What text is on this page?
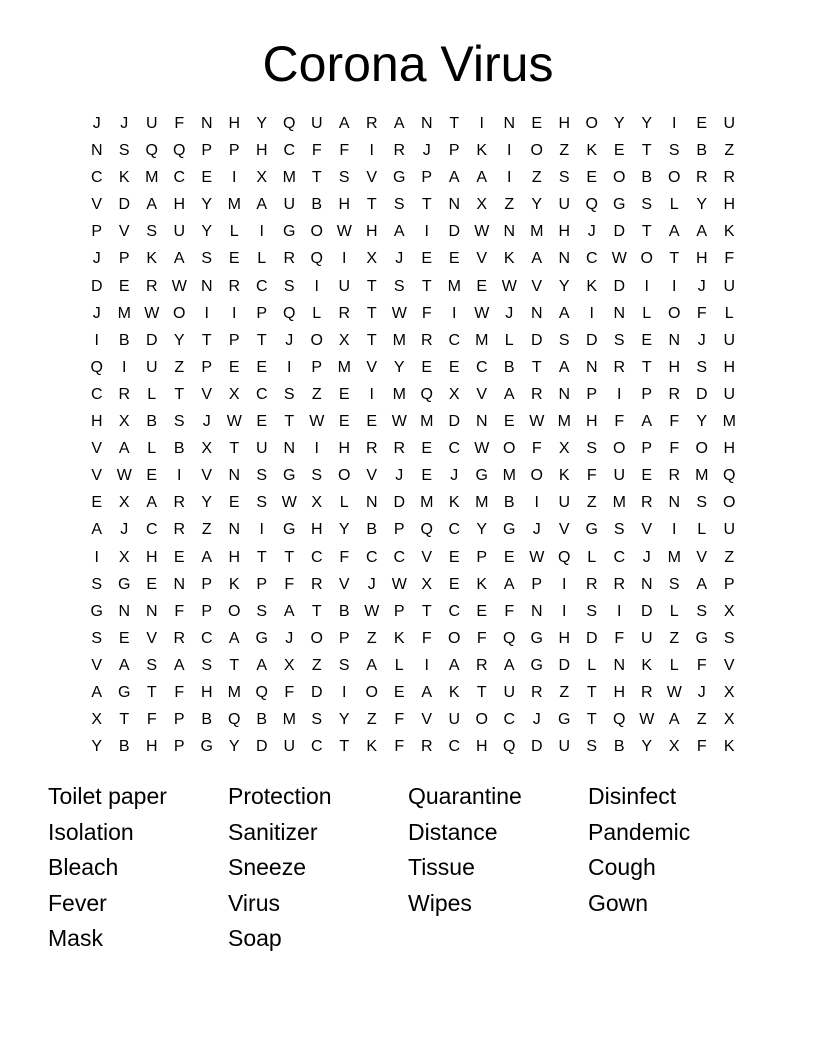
Corona Virus
J	J	U	F	N H	Y Q U	A	R	A	N	T	I	N	E	H O Y	Y	I	E	U
N	S Q Q P	P	H C	F	F	I	R	J	P	K	I	O	Z	K	E	T	S	B	Z
C	K M C	E	I	X M T	S	V G P	A	A	I	Z	S	E O B O R R
V	D	A	H	Y M A	U	B	H	T	S	T	N	X	Z	Y	U Q G S	L	Y	H
P	V	S	U	Y	L	I	G O W H	A	I	D W N M H	J	D	T	A	A	K
J	P	K	A	S	E	L	R Q	I	X	J	E	E	V	K	A	N C W O	T	H	F
D	E	R W N R C	S	I	U	T	S	T M E W V	Y	K	D	I	I	J	U
J	M W O	I	I	P Q	L	R	T W F	I	W J	N	A	I	N	L	O	F	L
I	B	D	Y	T	P	T	J	O X	T M R C M	L	D	S	D	S	E	N	J	U
Q	I	U	Z	P	E	E	I	P M V	Y	E	E	C	B	T	A	N R	T	H	S	H
C R	L	T	V	X	C	S	Z	E	I	M Q X	V	A	R N	P	I	P	R D U
H	X	B	S	J W E	T W E	E W M D N	E W M H	F	A	F	Y M
V	A	L	B	X	T	U N	I	H R R	E	C W O	F	X	S O P	F	O H
V W E	I	V	N	S G S O V	J	E	J	G M O K	F	U	E	R M Q
E	X	A	R	Y	E	S W X	L	N D M K M B	I	U	Z M R N	S O
A	J	C R	Z	N	I	G H	Y	B	P Q C	Y G	J	V G S	V	I	L	U
I	X	H	E	A	H	T	T	C	F	C C	V	E	P	E W Q	L	C	J	M V	Z
S G E	N	P	K	P	F	R	V	J W X	E	K	A	P	I	R R N	S	A	P
G N N	F	P O S	A	T	B W P	T	C	E	F	N	I	S	I	D	L	S	X
S	E	V	R C	A G	J	O P	Z	K	F	O	F	Q G H D	F	U	Z	G S
V	A	S	A	S	T	A	X	Z	S	A	L	I	A	R	A G D	L	N	K	L	F	V
A G	T	F	H M Q	F	D	I	O E	A	K	T	U R	Z	T	H R W J	X
X	T	F	P	B Q B M S	Y	Z	F	V	U O C	J	G	T	Q W A	Z	X
Y	B	H	P G Y	D U C	T	K	F	R C H Q D U	S	B	Y	X	F	K
Toilet paper	Protection	Quarantine	Disinfect
Isolation	Sanitizer	Distance	Pandemic
Bleach	Sneeze	Tissue	Cough
Fever	Virus	Wipes	Gown
Mask	Soap
